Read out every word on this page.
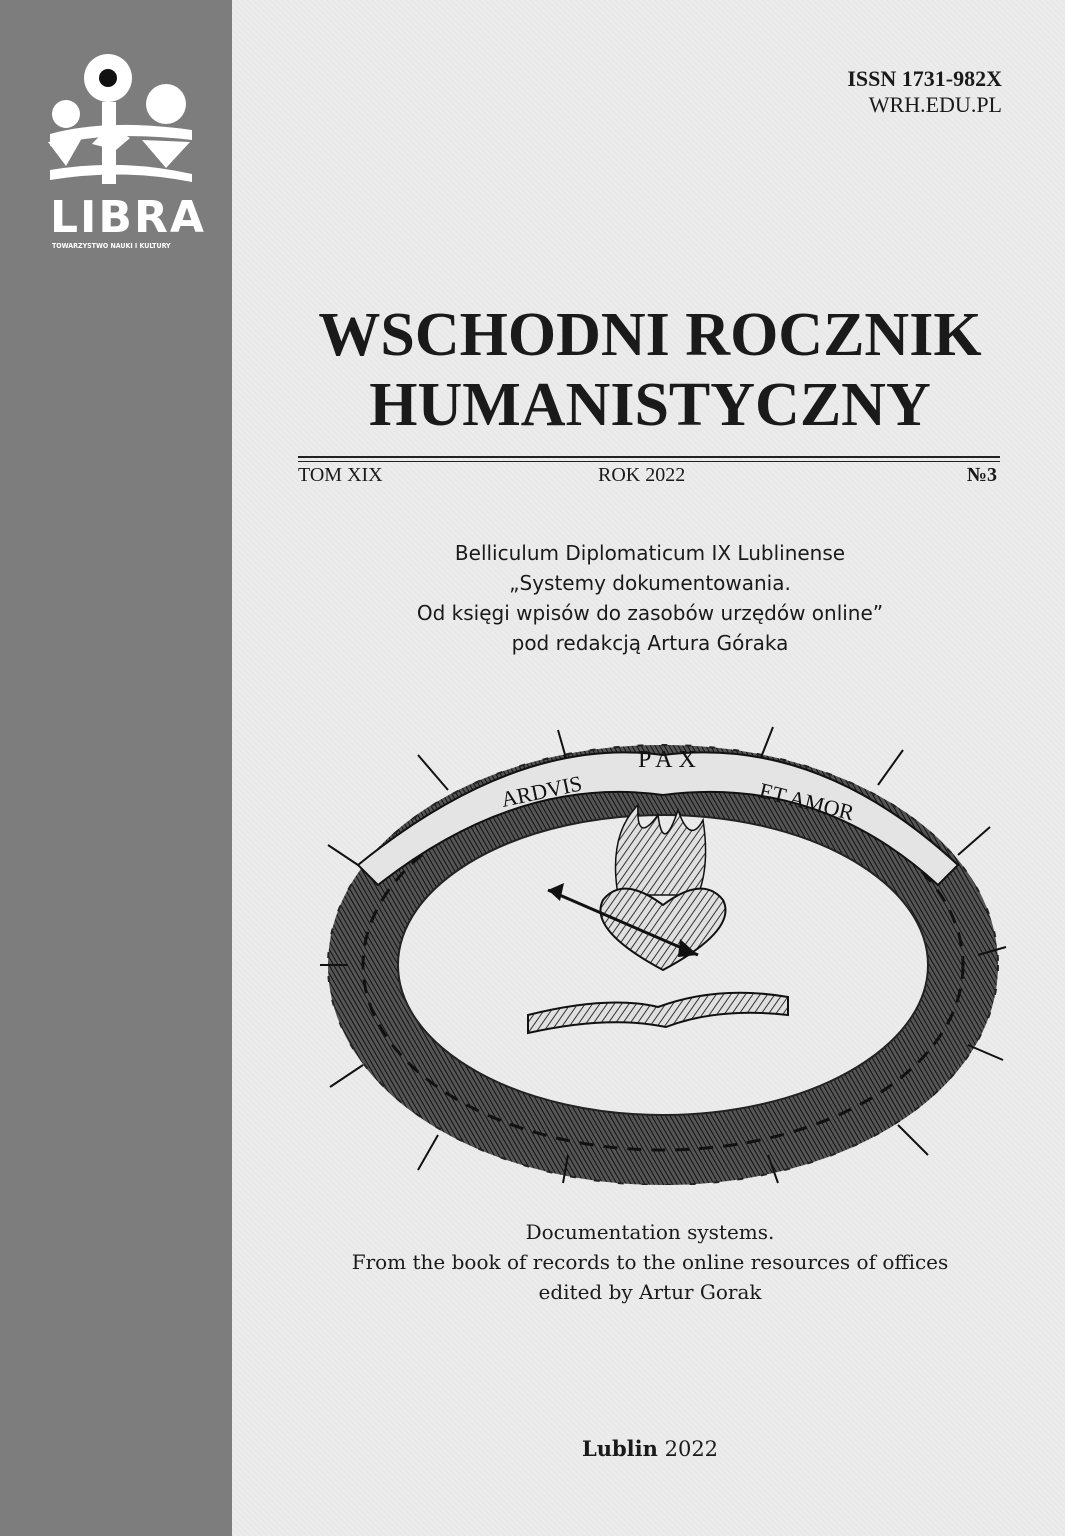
LIBRA
TOWARZYSTWO NAUKI I KULTURY
ISSN 1731-982X
WRH.EDU.PL
WSCHODNI ROCZNIK
HUMANISTYCZNY
TOM XIX	ROK 2022	№3
Belliculum Diplomaticum IX Lublinense
„Systemy dokumentowania.
Od księgi wpisów do zasobów urzędów online”
pod redakcją Artura Góraka
ARDVIS
PAX
ET AMOR
Documentation systems.
From the book of records to the online resources of offices
edited by Artur Gorak
Lublin 2022
